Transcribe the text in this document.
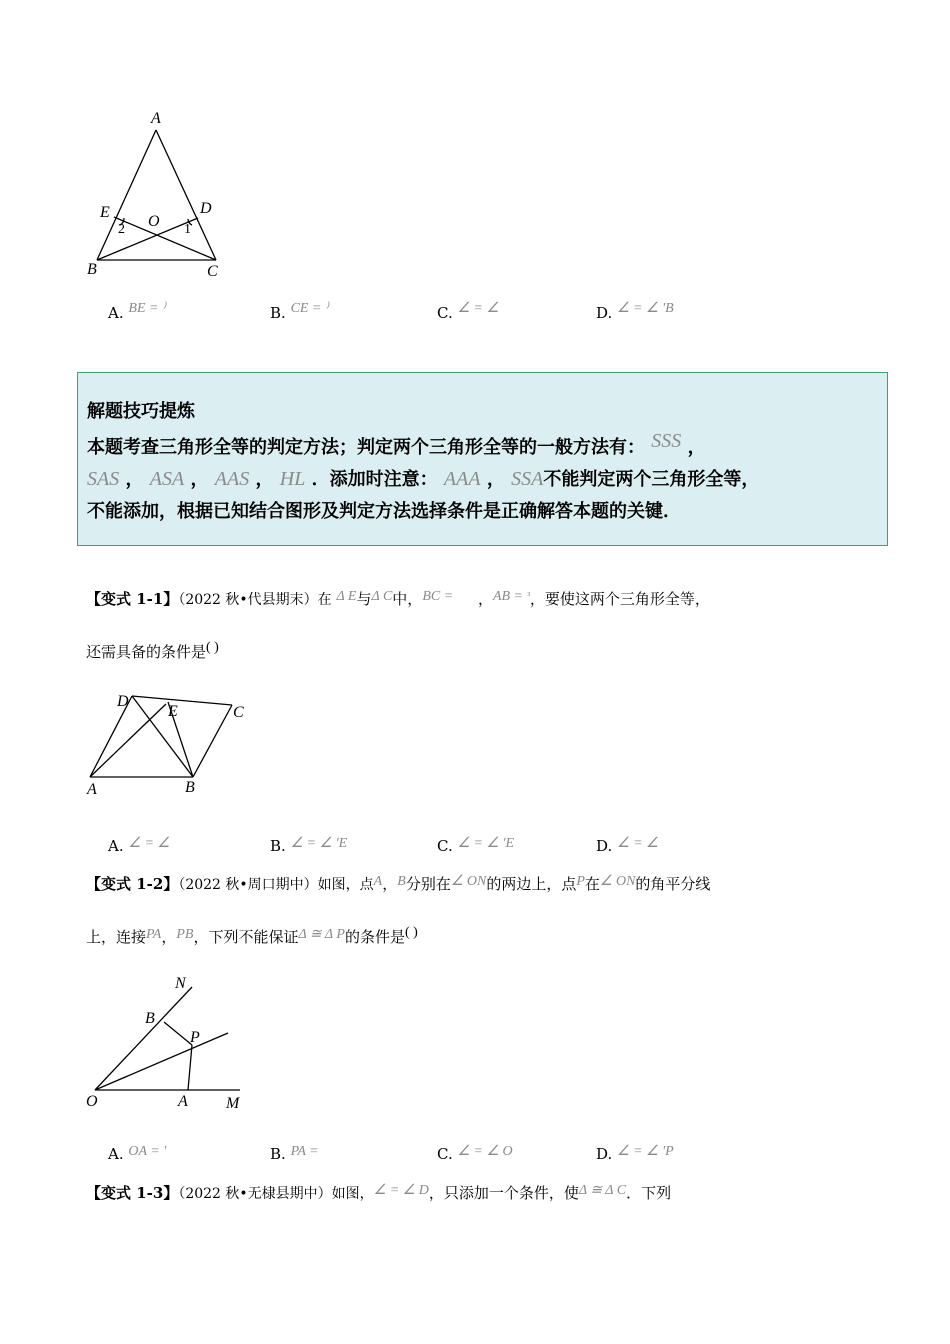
A
E	D
O
2	1
B	C
A. BE = ⁾	B. CE = ⁾	C. ∠ = ∠	D. ∠ = ∠ 'B
解题技巧提炼
本题考查三角形全等的判定方法；判定两个三角形全等的一般方法有： SSS ，
SAS ， ASA ， AAS ， HL ．添加时注意： AAA ， SSA不能判定两个三角形全等，
不能添加，根据已知结合图形及判定方法选择条件是正确解答本题的关键．
【变式 1-1】（2022 秋•代县期末）在 Δ E与Δ C中，BC = ，AB = ᵌ，要使这两个三角形全等，
还需具备的条件是( )
D
E	C
A	B
A. ∠ = ∠	B. ∠ = ∠ 'E	C. ∠ = ∠ 'E	D. ∠ = ∠
【变式 1-2】（2022 秋•周口期中）如图，点A，B分别在∠ ON的两边上，点P在∠ ON的角平分线
上，连接PA，PB，下列不能保证Δ ≅ Δ P的条件是( )
N
B
P
O	A M
A. OA = '	B. PA =	C. ∠ = ∠ O	D. ∠ = ∠ 'P
【变式 1-3】（2022 秋•无棣县期中）如图，∠ = ∠ D，只添加一个条件，使Δ ≅ Δ C．下列
